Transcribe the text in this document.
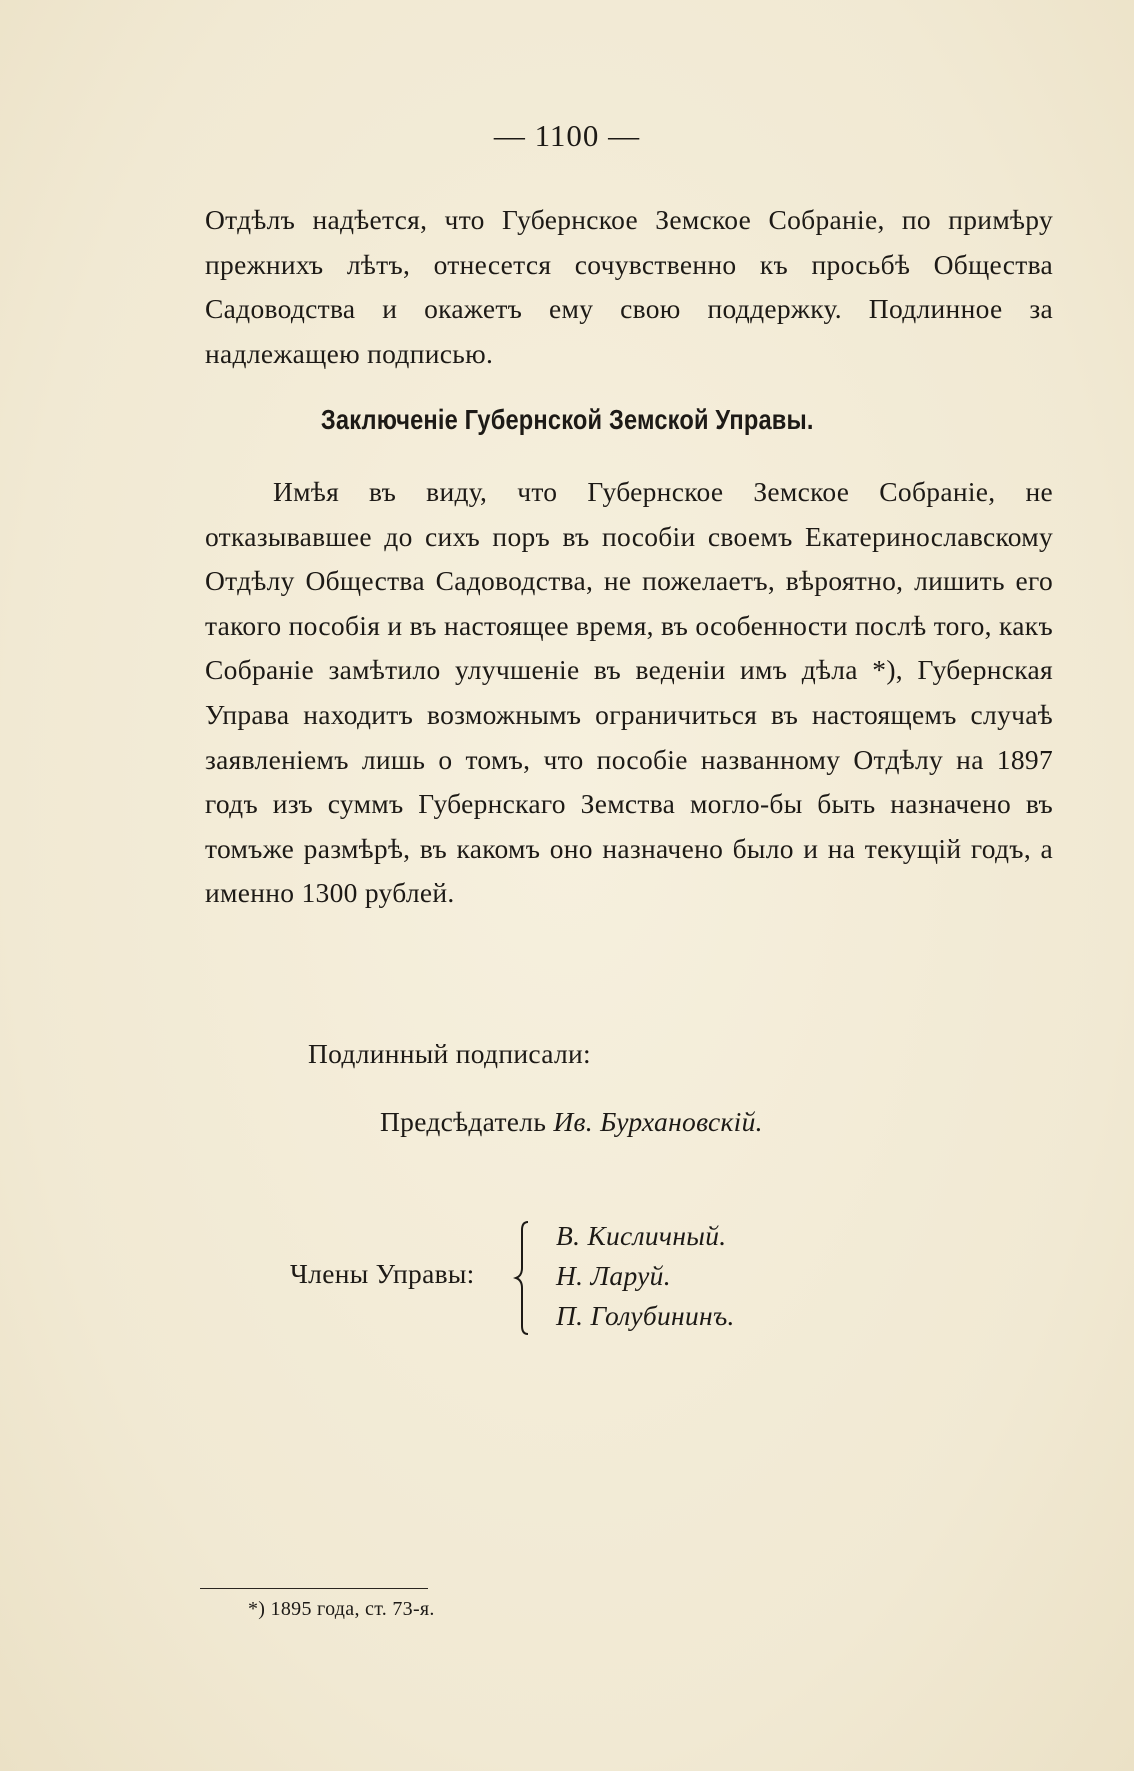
— 1100 —
Отдѣлъ надѣется, что Губернское Земское Собраніе, по примѣру прежнихъ лѣтъ, отнесется сочувственно къ просьбѣ Общества Садоводства и окажетъ ему свою поддержку. Подлинное за надлежащею подписью.
Заключеніе Губернской Земской Управы.
Имѣя въ виду, что Губернское Земское Собраніе, не отказывавшее до сихъ поръ въ пособіи своемъ Екатеринославскому Отдѣлу Общества Садоводства, не пожелаетъ, вѣроятно, лишить его такого пособія и въ настоящее время, въ особенности послѣ того, какъ Собраніе замѣтило улучшеніе въ веденіи имъ дѣла *), Губернская Управа находитъ возможнымъ ограничиться въ настоящемъ случаѣ заявленіемъ лишь о томъ, что пособіе названному Отдѣлу на 1897 годъ изъ суммъ Губернскаго Земства могло-бы быть назначено въ томъже размѣрѣ, въ какомъ оно назначено было и на текущій годъ, а именно 1300 рублей.
Подлинный подписали:
Предсѣдатель Ив. Бурхановскій.
Члены Управы:
В. Кисличный.
Н. Ларуй.
П. Голубининъ.
*) 1895 года, ст. 73-я.
